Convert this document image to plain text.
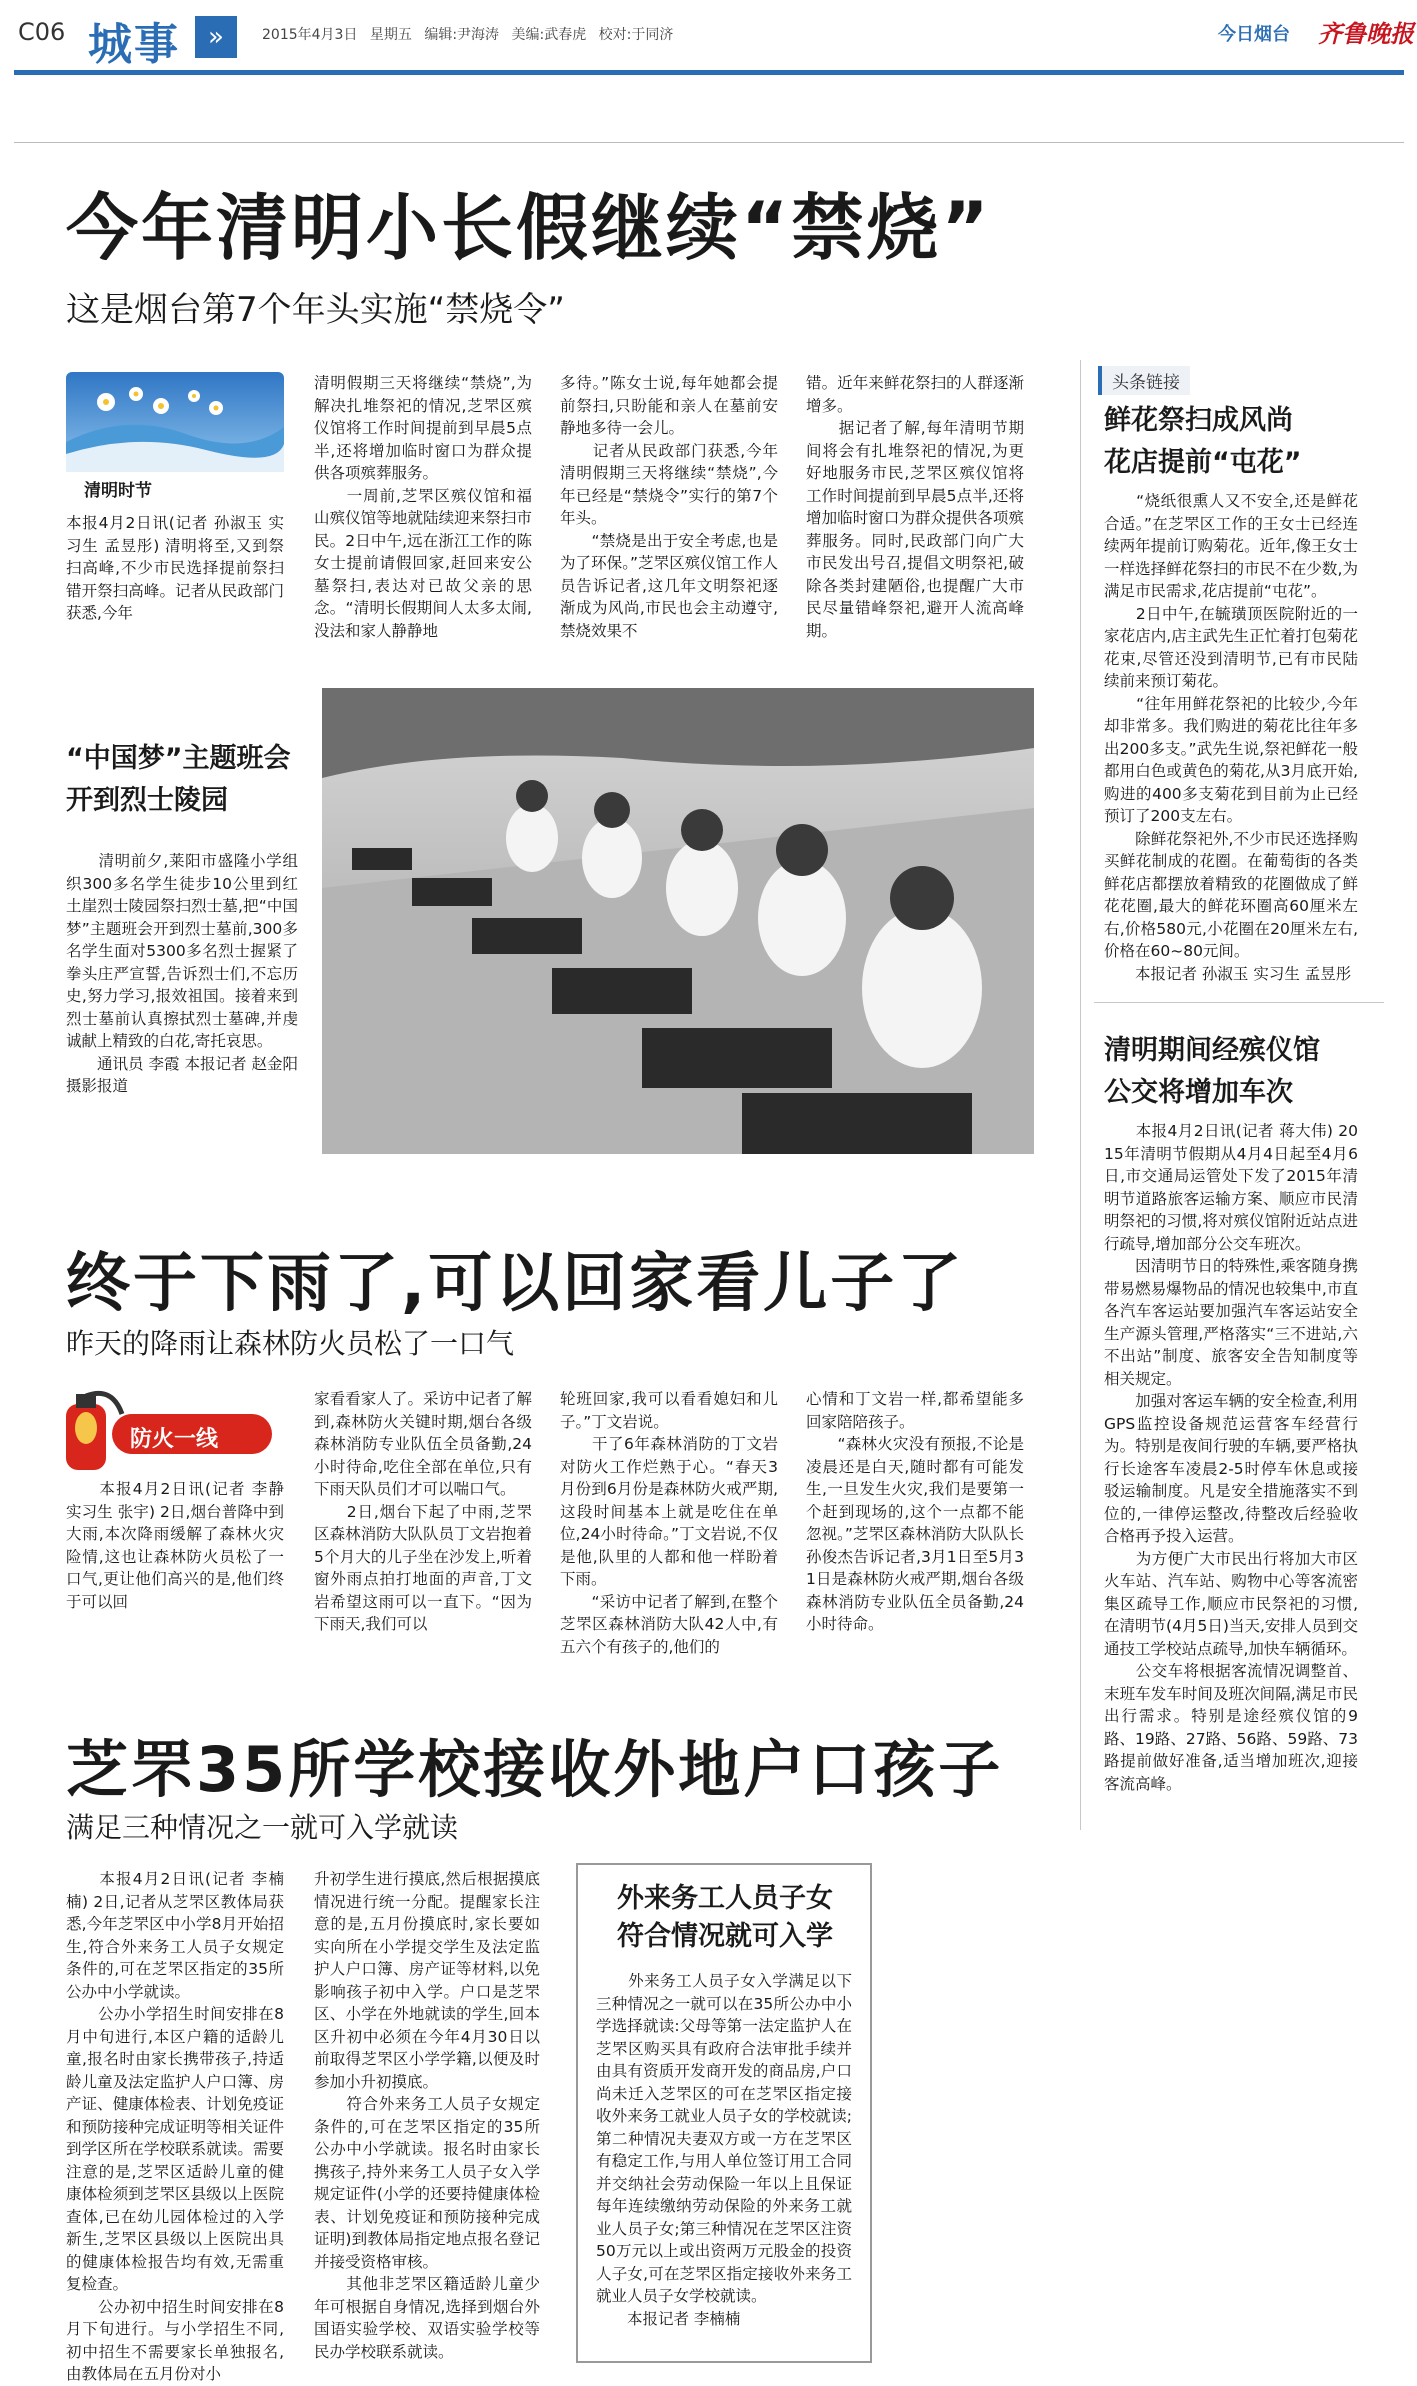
C06 城事	»	2015年4月3日 星期五 编辑:尹海涛 美编:武春虎 校对:于同济	今日烟台 齐鲁晚报
今年清明小长假继续“禁烧”
这是烟台第7个年头实施“禁烧令”
清明时节
本报4月2日讯(记者 孙淑玉 实习生 孟昱彤) 清明将至,又到祭扫高峰,不少市民选择提前祭扫错开祭扫高峰。记者从民政部门获悉,今年
清明假期三天将继续“禁烧”,为解决扎堆祭祀的情况,芝罘区殡仪馆将工作时间提前到早晨5点半,还将增加临时窗口为群众提供各项殡葬服务。
　　一周前,芝罘区殡仪馆和福山殡仪馆等地就陆续迎来祭扫市民。2日中午,远在浙江工作的陈女士提前请假回家,赶回来安公墓祭扫,表达对已故父亲的思念。“清明长假期间人太多太闹,没法和家人静静地
多待。”陈女士说,每年她都会提前祭扫,只盼能和亲人在墓前安静地多待一会儿。
　　记者从民政部门获悉,今年清明假期三天将继续“禁烧”,今年已经是“禁烧令”实行的第7个年头。
　　“禁烧是出于安全考虑,也是为了环保。”芝罘区殡仪馆工作人员告诉记者,这几年文明祭祀逐渐成为风尚,市民也会主动遵守,禁烧效果不
错。近年来鲜花祭扫的人群逐渐增多。
　　据记者了解,每年清明节期间将会有扎堆祭祀的情况,为更好地服务市民,芝罘区殡仪馆将工作时间提前到早晨5点半,还将增加临时窗口为群众提供各项殡葬服务。同时,民政部门向广大市民发出号召,提倡文明祭祀,破除各类封建陋俗,也提醒广大市民尽量错峰祭祀,避开人流高峰期。
“中国梦”主题班会
开到烈士陵园
　　清明前夕,莱阳市盛隆小学组织300多名学生徒步10公里到红土崖烈士陵园祭扫烈士墓,把“中国梦”主题班会开到烈士墓前,300多名学生面对5300多名烈士握紧了拳头庄严宣誓,告诉烈士们,不忘历史,努力学习,报效祖国。接着来到烈士墓前认真擦拭烈士墓碑,并虔诚献上精致的白花,寄托哀思。
　　通讯员 李霞 本报记者 赵金阳 摄影报道
头条链接
鲜花祭扫成风尚
花店提前“屯花”
　　“烧纸很熏人又不安全,还是鲜花合适。”在芝罘区工作的王女士已经连续两年提前订购菊花。近年,像王女士一样选择鲜花祭扫的市民不在少数,为满足市民需求,花店提前“屯花”。
　　2日中午,在毓璜顶医院附近的一家花店内,店主武先生正忙着打包菊花花束,尽管还没到清明节,已有市民陆续前来预订菊花。
　　“往年用鲜花祭祀的比较少,今年却非常多。我们购进的菊花比往年多出200多支。”武先生说,祭祀鲜花一般都用白色或黄色的菊花,从3月底开始,购进的400多支菊花到目前为止已经预订了200支左右。
　　除鲜花祭祀外,不少市民还选择购买鲜花制成的花圈。在葡萄街的各类鲜花店都摆放着精致的花圈做成了鲜花花圈,最大的鲜花环圈高60厘米左右,价格580元,小花圈在20厘米左右,价格在60~80元间。
　　本报记者 孙淑玉 实习生 孟昱彤
清明期间经殡仪馆
公交将增加车次
　　本报4月2日讯(记者 蒋大伟) 2015年清明节假期从4月4日起至4月6日,市交通局运管处下发了2015年清明节道路旅客运输方案、顺应市民清明祭祀的习惯,将对殡仪馆附近站点进行疏导,增加部分公交车班次。
　　因清明节日的特殊性,乘客随身携带易燃易爆物品的情况也较集中,市直各汽车客运站要加强汽车客运站安全生产源头管理,严格落实“三不进站,六不出站”制度、旅客安全告知制度等相关规定。
　　加强对客运车辆的安全检查,利用GPS监控设备规范运营客车经营行为。特别是夜间行驶的车辆,要严格执行长途客车凌晨2-5时停车休息或接驳运输制度。凡是安全措施落实不到位的,一律停运整改,待整改后经验收合格再予投入运营。
　　为方便广大市民出行将加大市区火车站、汽车站、购物中心等客流密集区疏导工作,顺应市民祭祀的习惯,在清明节(4月5日)当天,安排人员到交通技工学校站点疏导,加快车辆循环。
　　公交车将根据客流情况调整首、末班车发车时间及班次间隔,满足市民出行需求。特别是途经殡仪馆的9路、19路、27路、56路、59路、73路提前做好准备,适当增加班次,迎接客流高峰。
终于下雨了,可以回家看儿子了
昨天的降雨让森林防火员松了一口气
防火一线
　　本报4月2日讯(记者 李静 实习生 张宇) 2日,烟台普降中到大雨,本次降雨缓解了森林火灾险情,这也让森林防火员松了一口气,更让他们高兴的是,他们终于可以回
家看看家人了。采访中记者了解到,森林防火关键时期,烟台各级森林消防专业队伍全员备勤,24小时待命,吃住全部在单位,只有下雨天队员们才可以喘口气。
　　2日,烟台下起了中雨,芝罘区森林消防大队队员丁文岩抱着5个月大的儿子坐在沙发上,听着窗外雨点拍打地面的声音,丁文岩希望这雨可以一直下。“因为下雨天,我们可以
轮班回家,我可以看看媳妇和儿子。”丁文岩说。
　　干了6年森林消防的丁文岩对防火工作烂熟于心。“春天3月份到6月份是森林防火戒严期,这段时间基本上就是吃住在单位,24小时待命。”丁文岩说,不仅是他,队里的人都和他一样盼着下雨。
　　“采访中记者了解到,在整个芝罘区森林消防大队42人中,有五六个有孩子的,他们的
心情和丁文岩一样,都希望能多回家陪陪孩子。
　　“森林火灾没有预报,不论是凌晨还是白天,随时都有可能发生,一旦发生火灾,我们是要第一个赶到现场的,这个一点都不能忽视。”芝罘区森林消防大队队长孙俊杰告诉记者,3月1日至5月31日是森林防火戒严期,烟台各级森林消防专业队伍全员备勤,24小时待命。
芝罘35所学校接收外地户口孩子
满足三种情况之一就可入学就读
　　本报4月2日讯(记者 李楠楠) 2日,记者从芝罘区教体局获悉,今年芝罘区中小学8月开始招生,符合外来务工人员子女规定条件的,可在芝罘区指定的35所公办中小学就读。
　　公办小学招生时间安排在8月中旬进行,本区户籍的适龄儿童,报名时由家长携带孩子,持适龄儿童及法定监护人户口簿、房产证、健康体检表、计划免疫证和预防接种完成证明等相关证件到学区所在学校联系就读。需要注意的是,芝罘区适龄儿童的健康体检须到芝罘区县级以上医院查体,已在幼儿园体检过的入学新生,芝罘区县级以上医院出具的健康体检报告均有效,无需重复检查。
　　公办初中招生时间安排在8月下旬进行。与小学招生不同,初中招生不需要家长单独报名,由教体局在五月份对小
升初学生进行摸底,然后根据摸底情况进行统一分配。提醒家长注意的是,五月份摸底时,家长要如实向所在小学提交学生及法定监护人户口簿、房产证等材料,以免影响孩子初中入学。户口是芝罘区、小学在外地就读的学生,回本区升初中必须在今年4月30日以前取得芝罘区小学学籍,以便及时参加小升初摸底。
　　符合外来务工人员子女规定条件的,可在芝罘区指定的35所公办中小学就读。报名时由家长携孩子,持外来务工人员子女入学规定证件(小学的还要持健康体检表、计划免疫证和预防接种完成证明)到教体局指定地点报名登记并接受资格审核。
　　其他非芝罘区籍适龄儿童少年可根据自身情况,选择到烟台外国语实验学校、双语实验学校等民办学校联系就读。
外来务工人员子女
符合情况就可入学
　　外来务工人员子女入学满足以下三种情况之一就可以在35所公办中小学选择就读:父母等第一法定监护人在芝罘区购买具有政府合法审批手续并由具有资质开发商开发的商品房,户口尚未迁入芝罘区的可在芝罘区指定接收外来务工就业人员子女的学校就读;第二种情况夫妻双方或一方在芝罘区有稳定工作,与用人单位签订用工合同并交纳社会劳动保险一年以上且保证每年连续缴纳劳动保险的外来务工就业人员子女;第三种情况在芝罘区注资50万元以上或出资两万元股金的投资人子女,可在芝罘区指定接收外来务工就业人员子女学校就读。
　　本报记者 李楠楠
